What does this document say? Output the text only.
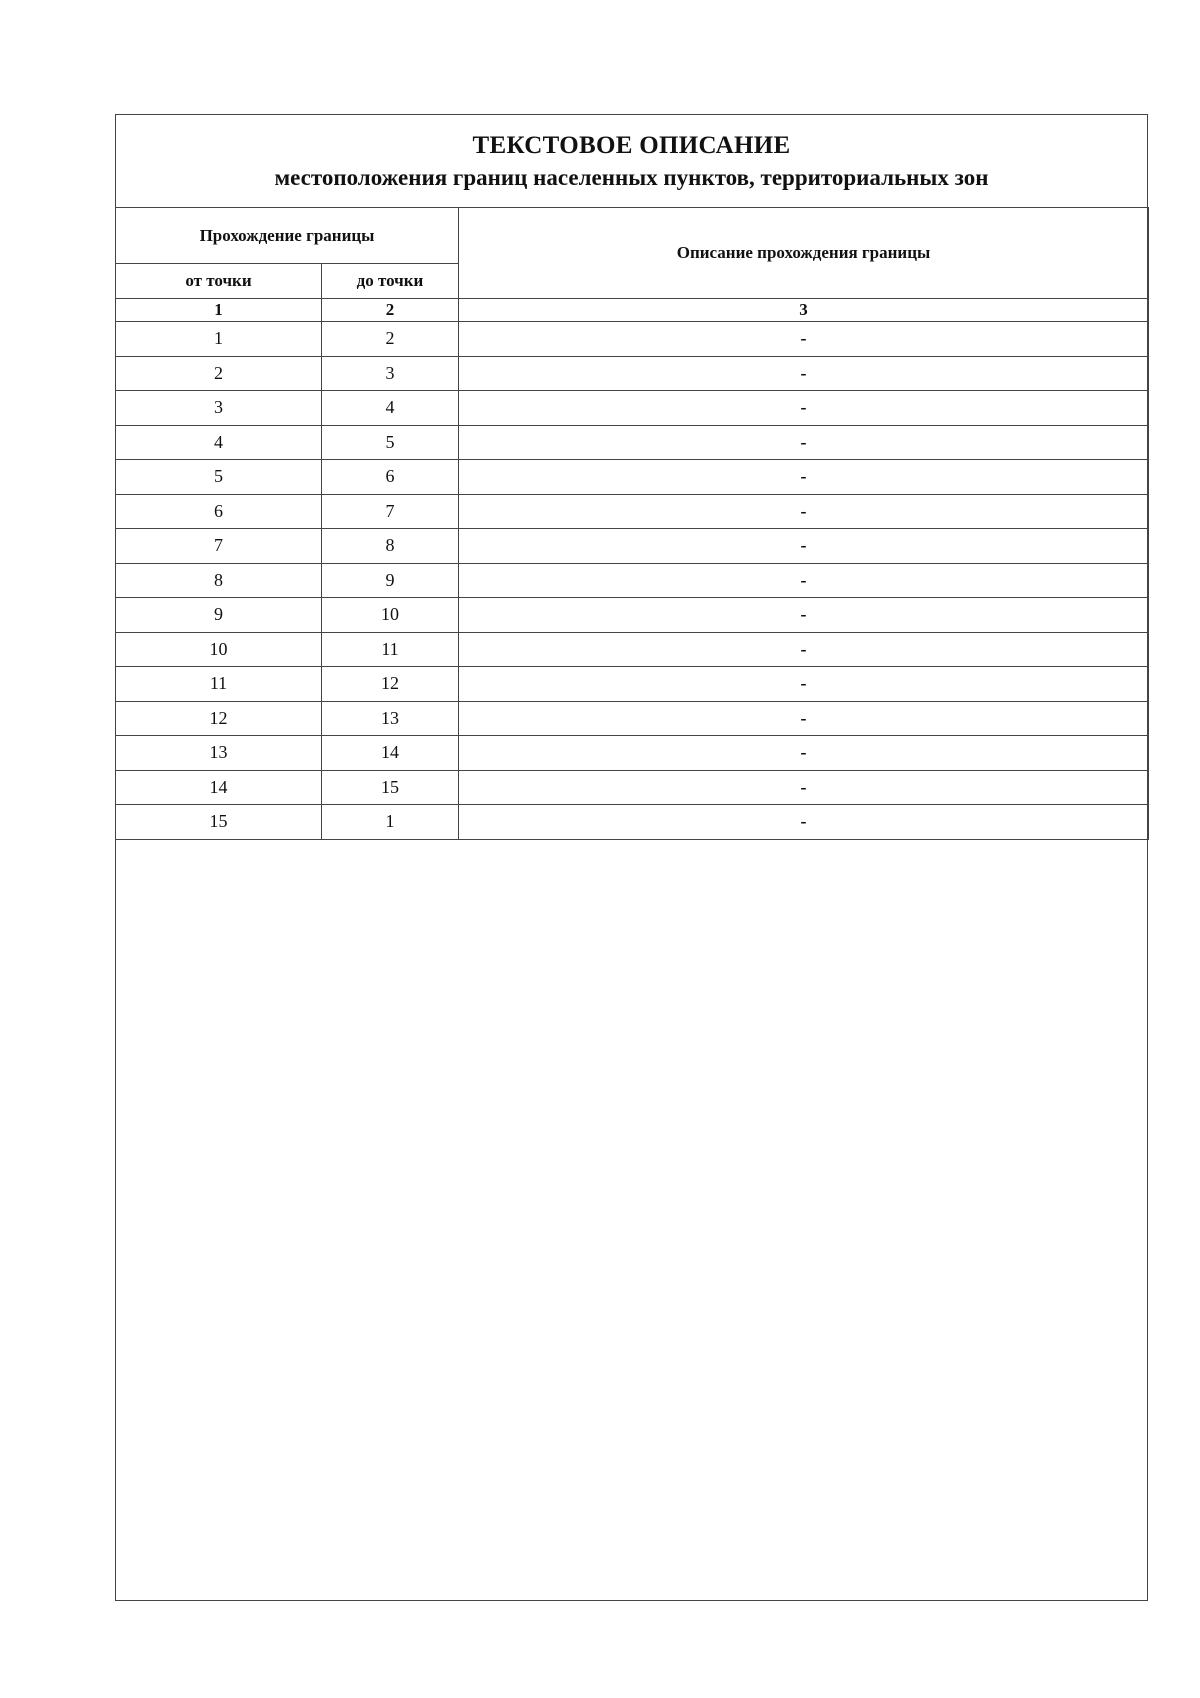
ТЕКСТОВОЕ ОПИСАНИЕ
местоположения границ населенных пунктов, территориальных зон
Прохождение границы		Описание прохождения границы
от точки	до точки	
1	2	3
1	2	-
2	3	-
3	4	-
4	5	-
5	6	-
6	7	-
7	8	-
8	9	-
9	10	-
10	11	-
11	12	-
12	13	-
13	14	-
14	15	-
15	1	-
